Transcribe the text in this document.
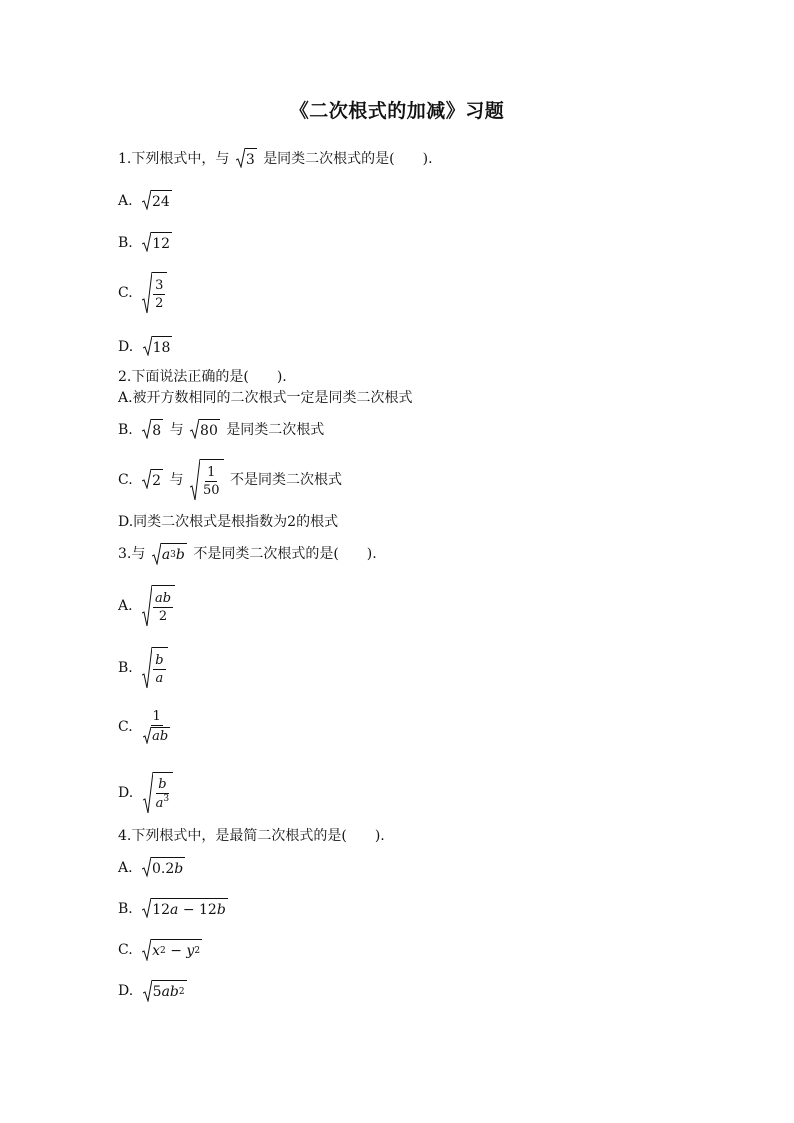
《二次根式的加减》习题
1.下列根式中，与 3 是同类二次根式的是(　　).
A. 24
B. 12
C. $\frac{3}{2}$
D. 18
2.下面说法正确的是(　　).
A.被开方数相同的二次根式一定是同类二次根式
B. 8 与 80 是同类二次根式
C. 2 与 $\frac{1}{50}$ 不是同类二次根式
D.同类二次根式是根指数为2的根式
3.与 a 3 b 不是同类二次根式的是(　　).
A. $\frac{ab}{2}$
B. $\frac{b}{a}$
C. $\frac{1}{ab}$
D. $\frac{b}{a^3}$
4.下列根式中，是最简二次根式的是(　　).
A. 0.2 b
B. 12 a − 12 b
C. x 2 − y 2
D. 5 ab 2
